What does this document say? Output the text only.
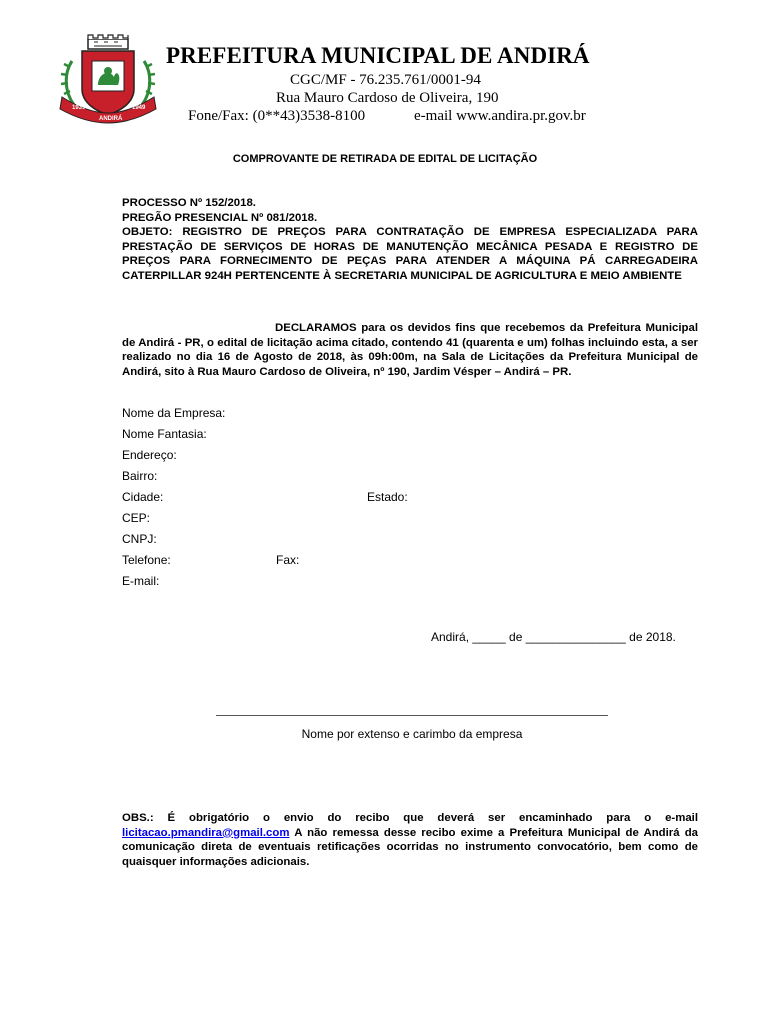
1939
ANDIRÁ
1949
PREFEITURA MUNICIPAL DE ANDIRÁ
CGC/MF - 76.235.761/0001-94
Rua Mauro Cardoso de Oliveira, 190
Fone/Fax: (0**43)3538-8100	e-mail www.andira.pr.gov.br
COMPROVANTE DE RETIRADA DE EDITAL DE LICITAÇÃO
PROCESSO Nº 152/2018.
PREGÃO PRESENCIAL Nº 081/2018.
OBJETO: REGISTRO DE PREÇOS PARA CONTRATAÇÃO DE EMPRESA ESPECIALIZADA PARA PRESTAÇÃO DE SERVIÇOS DE HORAS DE MANUTENÇÃO MECÂNICA PESADA E REGISTRO DE PREÇOS PARA FORNECIMENTO DE PEÇAS PARA ATENDER A MÁQUINA PÁ CARREGADEIRA CATERPILLAR 924H PERTENCENTE À SECRETARIA MUNICIPAL DE AGRICULTURA E MEIO AMBIENTE
DECLARAMOS para os devidos fins que recebemos da Prefeitura Municipal de Andirá - PR, o edital de licitação acima citado, contendo 41 (quarenta e um) folhas incluindo esta, a ser realizado no dia 16 de Agosto de 2018, às 09h:00m, na Sala de Licitações da Prefeitura Municipal de Andirá, sito à Rua Mauro Cardoso de Oliveira, nº 190, Jardim Vésper – Andirá – PR.
Nome da Empresa:
Nome Fantasia:
Endereço:
Bairro:
Cidade:	Estado:
CEP:
CNPJ:
Telefone:	Fax:
E-mail:
Andirá, _____ de _______________ de 2018.
Nome por extenso e carimbo da empresa
OBS.: É obrigatório o envio do recibo que deverá ser encaminhado para o e-mail licitacao.pmandira@gmail.com A não remessa desse recibo exime a Prefeitura Municipal de Andirá da comunicação direta de eventuais retificações ocorridas no instrumento convocatório, bem como de quaisquer informações adicionais.
